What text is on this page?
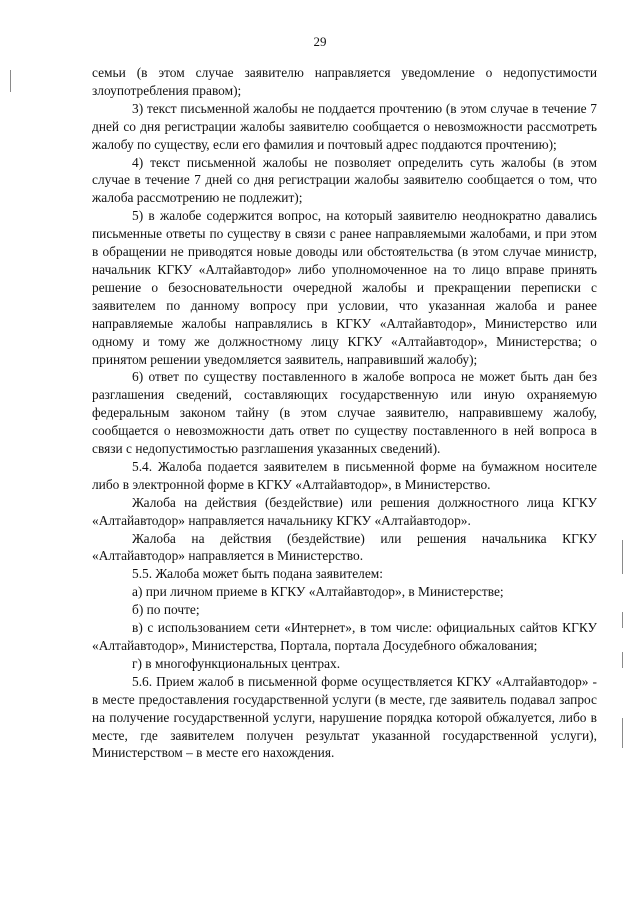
29

семьи (в этом случае заявителю направляется уведомление о недопустимости злоупотребления правом);

3) текст письменной жалобы не поддается прочтению (в этом случае в течение 7 дней со дня регистрации жалобы заявителю сообщается о невозможности рассмотреть жалобу по существу, если его фамилия и почтовый адрес поддаются прочтению);

4) текст письменной жалобы не позволяет определить суть жалобы (в этом случае в течение 7 дней со дня регистрации жалобы заявителю сообщается о том, что жалоба рассмотрению не подлежит);

5) в жалобе содержится вопрос, на который заявителю неоднократно давались письменные ответы по существу в связи с ранее направляемыми жалобами, и при этом в обращении не приводятся новые доводы или обстоятельства (в этом случае министр, начальник КГКУ «Алтайавтодор» либо уполномоченное на то лицо вправе принять решение о безосновательности очередной жалобы и прекращении переписки с заявителем по данному вопросу при условии, что указанная жалоба и ранее направляемые жалобы направлялись в КГКУ «Алтайавтодор», Министерство или одному и тому же должностному лицу КГКУ «Алтайавтодор», Министерства; о принятом решении уведомляется заявитель, направивший жалобу);

6) ответ по существу поставленного в жалобе вопроса не может быть дан без разглашения сведений, составляющих государственную или иную охраняемую федеральным законом тайну (в этом случае заявителю, направившему жалобу, сообщается о невозможности дать ответ по существу поставленного в ней вопроса в связи с недопустимостью разглашения указанных сведений).

5.4. Жалоба подается заявителем в письменной форме на бумажном носителе либо в электронной форме в КГКУ «Алтайавтодор», в Министерство.

Жалоба на действия (бездействие) или решения должностного лица КГКУ «Алтайавтодор» направляется начальнику КГКУ «Алтайавтодор».

Жалоба на действия (бездействие) или решения начальника КГКУ «Алтайавтодор» направляется в Министерство.

5.5. Жалоба может быть подана заявителем:

а) при личном приеме в КГКУ «Алтайавтодор», в Министерстве;

б) по почте;

в) с использованием сети «Интернет», в том числе: официальных сайтов КГКУ «Алтайавтодор», Министерства, Портала, портала Досудебного обжалования;

г) в многофункциональных центрах.

5.6. Прием жалоб в письменной форме осуществляется КГКУ «Алтайавтодор» - в месте предоставления государственной услуги (в месте, где заявитель подавал запрос на получение государственной услуги, нарушение порядка которой обжалуется, либо в месте, где заявителем получен результат указанной государственной услуги), Министерством – в месте его нахождения.
